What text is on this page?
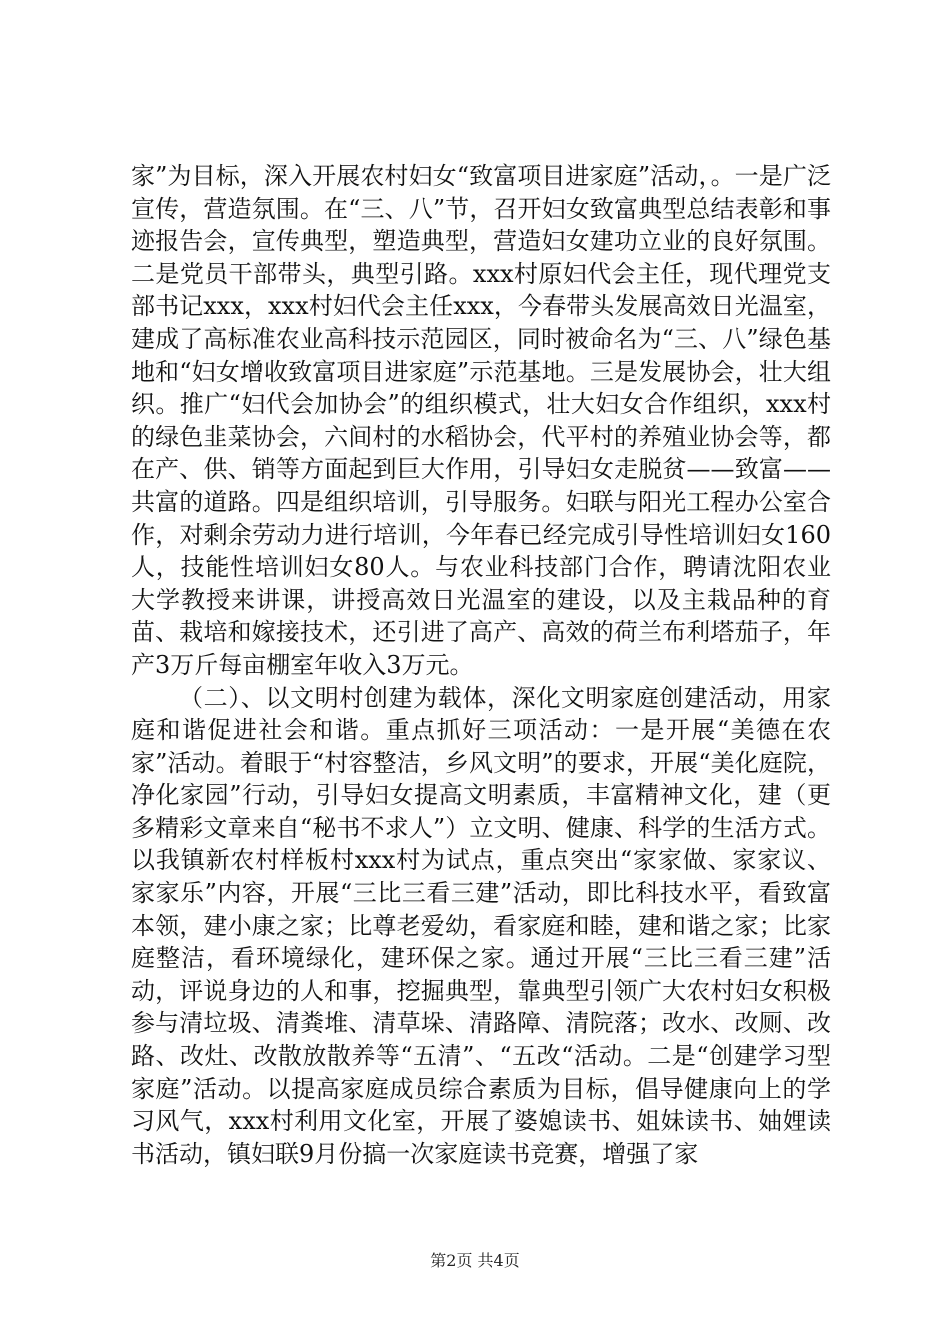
家”为目标，深入开展农村妇女“致富项目进家庭”活动，。一是广泛宣传，营造氛围。在“三、八”节，召开妇女致富典型总结表彰和事迹报告会，宣传典型，塑造典型，营造妇女建功立业的良好氛围。二是党员干部带头，典型引路。xxx村原妇代会主任，现代理党支部书记xxx，xxx村妇代会主任xxx，今春带头发展高效日光温室，建成了高标准农业高科技示范园区，同时被命名为“三、八”绿色基地和“妇女增收致富项目进家庭”示范基地。三是发展协会，壮大组织。推广“妇代会加协会”的组织模式，壮大妇女合作组织，xxx村的绿色韭菜协会，六间村的水稻协会，代平村的养殖业协会等，都在产、供、销等方面起到巨大作用，引导妇女走脱贫——致富——共富的道路。四是组织培训，引导服务。妇联与阳光工程办公室合作，对剩余劳动力进行培训，今年春已经完成引导性培训妇女160人，技能性培训妇女80人。与农业科技部门合作，聘请沈阳农业大学教授来讲课，讲授高效日光温室的建设，以及主栽品种的育苗、栽培和嫁接技术，还引进了高产、高效的荷兰布利塔茄子，年产3万斤每亩棚室年收入3万元。

（二）、以文明村创建为载体，深化文明家庭创建活动，用家庭和谐促进社会和谐。重点抓好三项活动：一是开展“美德在农家”活动。着眼于“村容整洁，乡风文明”的要求，开展“美化庭院，净化家园”行动，引导妇女提高文明素质，丰富精神文化，建（更多精彩文章来自“秘书不求人”）立文明、健康、科学的生活方式。以我镇新农村样板村xxx村为试点，重点突出“家家做、家家议、家家乐”内容，开展“三比三看三建”活动，即比科技水平，看致富本领，建小康之家；比尊老爱幼，看家庭和睦，建和谐之家；比家庭整洁，看环境绿化，建环保之家。通过开展“三比三看三建”活动，评说身边的人和事，挖掘典型，靠典型引领广大农村妇女积极参与清垃圾、清粪堆、清草垛、清路障、清院落；改水、改厕、改路、改灶、改散放散养等“五清”、“五改“活动。二是“创建学习型家庭”活动。以提高家庭成员综合素质为目标，倡导健康向上的学习风气，xxx村利用文化室，开展了婆媳读书、姐妹读书、妯娌读书活动，镇妇联9月份搞一次家庭读书竞赛，增强了家

第2页 共4页
